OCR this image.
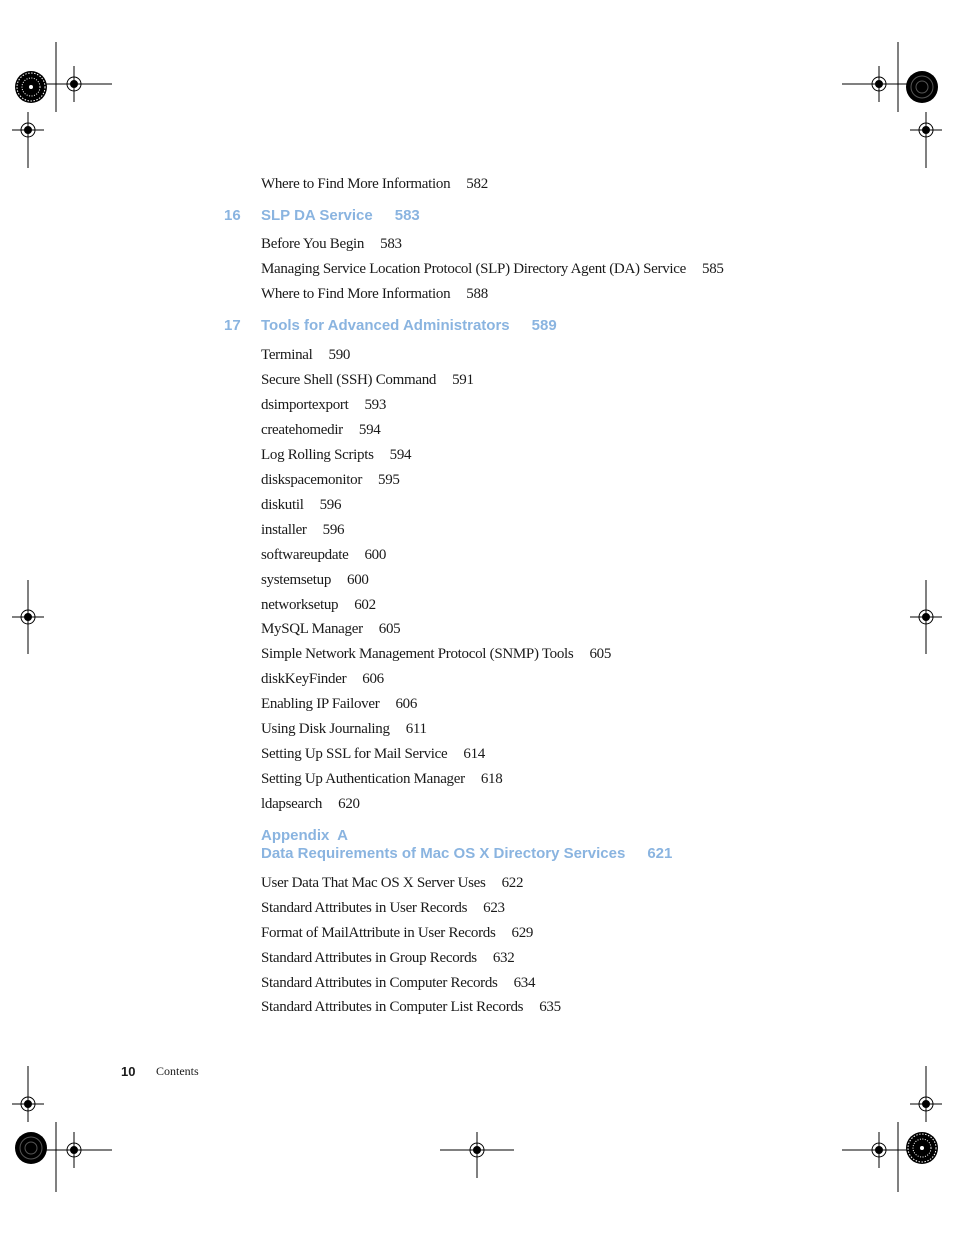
Where to Find More Information 582
16 SLP DA Service 583
Before You Begin 583
Managing Service Location Protocol (SLP) Directory Agent (DA) Service 585
Where to Find More Information 588
17 Tools for Advanced Administrators 589
Terminal 590
Secure Shell (SSH) Command 591
dsimportexport 593
createhomedir 594
Log Rolling Scripts 594
diskspacemonitor 595
diskutil 596
installer 596
softwareupdate 600
systemsetup 600
networksetup 602
MySQL Manager 605
Simple Network Management Protocol (SNMP) Tools 605
diskKeyFinder 606
Enabling IP Failover 606
Using Disk Journaling 611
Setting Up SSL for Mail Service 614
Setting Up Authentication Manager 618
ldapsearch 620
Appendix  A
Data Requirements of Mac OS X Directory Services 621
User Data That Mac OS X Server Uses 622
Standard Attributes in User Records 623
Format of MailAttribute in User Records 629
Standard Attributes in Group Records 632
Standard Attributes in Computer Records 634
Standard Attributes in Computer List Records 635
10 Contents
